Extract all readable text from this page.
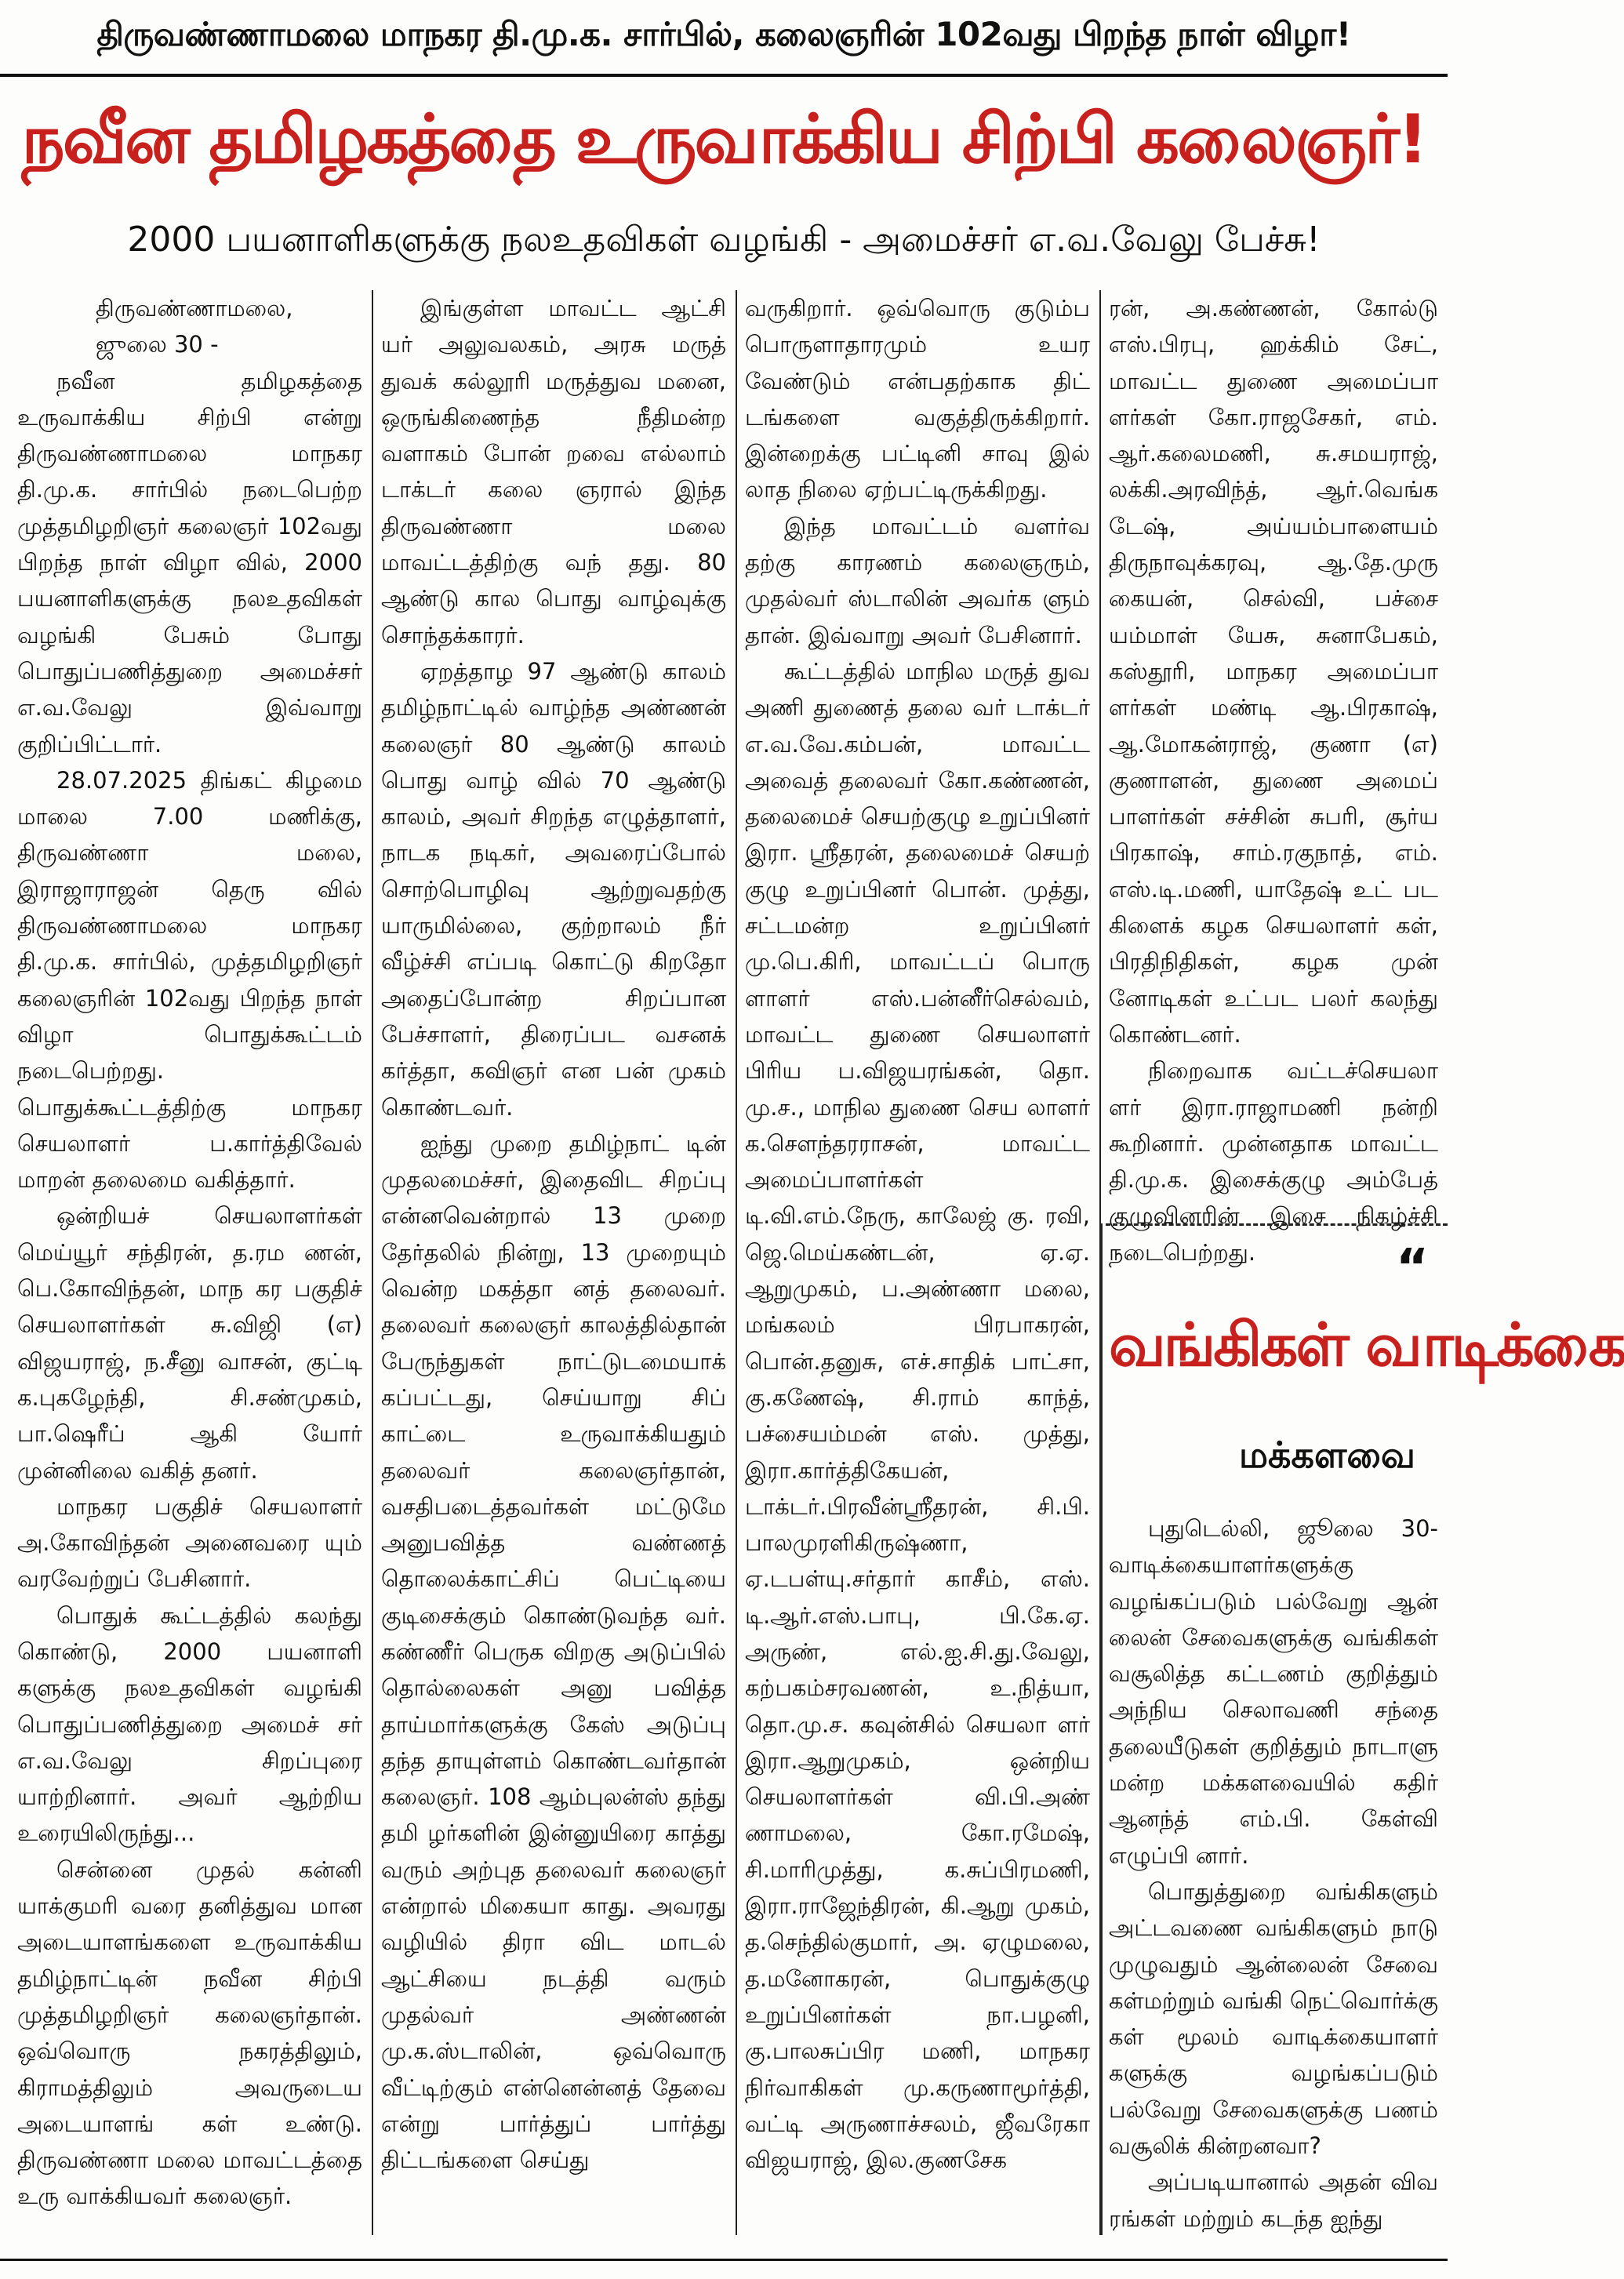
திருவண்ணாமலை மாநகர தி.மு.க. சார்பில், கலைஞரின் 102வது பிறந்த நாள் விழா!
நவீன தமிழகத்தை உருவாக்கிய சிற்பி கலைஞர்!
2000 பயனாளிகளுக்கு நலஉதவிகள் வழங்கி - அமைச்சர் எ.வ.வேலு பேச்சு!

திருவண்ணாமலை, ஜுலை 30 -

நவீன தமிழகத்தை உருவாக்கிய சிற்பி என்று திருவண்ணாமலை மாநகர தி.மு.க. சார்பில் நடைபெற்ற முத்தமிழறிஞர் கலைஞர் 102வது பிறந்த நாள் விழா வில், 2000 பயனாளிகளுக்கு நலஉதவிகள் வழங்கி பேசும் போது பொதுப்பணித்துறை அமைச்சர் எ.வ.வேலு இவ்வாறு குறிப்பிட்டார்.

28.07.2025 திங்கட் கிழமை மாலை 7.00 மணிக்கு, திருவண்ணா மலை, இராஜாராஜன் தெரு வில் திருவண்ணாமலை மாநகர தி.மு.க. சார்பில், முத்தமிழறிஞர் கலைஞரின் 102வது பிறந்த நாள் விழா பொதுக்கூட்டம் நடைபெற்றது. பொதுக்கூட்டத்திற்கு மாநகர செயலாளர் ப.கார்த்திவேல் மாறன் தலைமை வகித்தார்.

ஒன்றியச் செயலாளர்கள் மெய்யூர் சந்திரன், த.ரம ணன், பெ.கோவிந்தன், மாந கர பகுதிச் செயலாளர்கள் சு.விஜி (எ) விஜயராஜ், ந.சீனு வாசன், குட்டி க.புகழேந்தி, சி.சண்முகம், பா.ஷெரீப் ஆகி யோர் முன்னிலை வகித் தனர்.

மாநகர பகுதிச் செயலாளர் அ.கோவிந்தன் அனைவரை யும் வரவேற்றுப் பேசினார்.

பொதுக் கூட்டத்தில் கலந்து கொண்டு, 2000 பயனாளி களுக்கு நலஉதவிகள் வழங்கி பொதுப்பணித்துறை அமைச் சர் எ.வ.வேலு சிறப்புரை யாற்றினார். அவர் ஆற்றிய உரையிலிருந்து...

சென்னை முதல் கன்னி யாக்குமரி வரை தனித்துவ மான அடையாளங்களை உருவாக்கிய தமிழ்நாட்டின் நவீன சிற்பி முத்தமிழறிஞர் கலைஞர்தான். ஒவ்வொரு நகரத்திலும், கிராமத்திலும் அவருடைய அடையாளங் கள் உண்டு. திருவண்ணா மலை மாவட்டத்தை உரு வாக்கியவர் கலைஞர்.

இங்குள்ள மாவட்ட ஆட்சி யர் அலுவலகம், அரசு மருத் துவக் கல்லூரி மருத்துவ மனை, ஒருங்கிணைந்த நீதிமன்ற வளாகம் போன் றவை எல்லாம் டாக்டர் கலை ஞரால் இந்த திருவண்ணா மலை மாவட்டத்திற்கு வந் தது. 80 ஆண்டு கால பொது வாழ்வுக்கு சொந்தக்காரர்.

ஏறத்தாழ 97 ஆண்டு காலம் தமிழ்நாட்டில் வாழ்ந்த அண்ணன் கலைஞர் 80 ஆண்டு காலம் பொது வாழ் வில் 70 ஆண்டு காலம், அவர் சிறந்த எழுத்தாளர், நாடக நடிகர், அவரைப்போல் சொற்பொழிவு ஆற்றுவதற்கு யாருமில்லை, குற்றாலம் நீர் வீழ்ச்சி எப்படி கொட்டு கிறதோ அதைப்போன்ற சிறப்பான பேச்சாளர், திரைப்பட வசனக் கர்த்தா, கவிஞர் என பன் முகம் கொண்டவர்.

ஐந்து முறை தமிழ்நாட் டின் முதலமைச்சர், இதைவிட சிறப்பு என்னவென்றால் 13 முறை தேர்தலில் நின்று, 13 முறையும் வென்ற மகத்தா னத் தலைவர். தலைவர் கலைஞர் காலத்தில்தான் பேருந்துகள் நாட்டுடமையாக் கப்பட்டது, செய்யாறு சிப் காட்டை உருவாக்கியதும் தலைவர் கலைஞர்தான், வசதிபடைத்தவர்கள் மட்டுமே அனுபவித்த வண்ணத் தொலைக்காட்சிப் பெட்டியை குடிசைக்கும் கொண்டுவந்த வர். கண்ணீர் பெருக விறகு அடுப்பில் தொல்லைகள் அனு பவித்த தாய்மார்களுக்கு கேஸ் அடுப்பு தந்த தாயுள்ளம் கொண்டவர்தான் கலைஞர். 108 ஆம்புலன்ஸ் தந்து தமி ழர்களின் இன்னுயிரை காத்து வரும் அற்புத தலைவர் கலைஞர் என்றால் மிகையா காது. அவரது வழியில் திரா விட மாடல் ஆட்சியை நடத்தி வரும் முதல்வர் அண்ணன் மு.க.ஸ்டாலின், ஒவ்வொரு வீட்டிற்கும் என்னென்னத் தேவை என்று பார்த்துப் பார்த்து திட்டங்களை செய்து

வருகிறார். ஒவ்வொரு குடும்ப பொருளாதாரமும் உயர வேண்டும் என்பதற்காக திட் டங்களை வகுத்திருக்கிறார். இன்றைக்கு பட்டினி சாவு இல் லாத நிலை ஏற்பட்டிருக்கிறது.

இந்த மாவட்டம் வளர்வ தற்கு காரணம் கலைஞரும், முதல்வர் ஸ்டாலின் அவர்க ளும் தான். இவ்வாறு அவர் பேசினார்.

கூட்டத்தில் மாநில மருத் துவ அணி துணைத் தலை வர் டாக்டர் எ.வ.வே.கம்பன், மாவட்ட அவைத் தலைவர் கோ.கண்ணன், தலைமைச் செயற்குழு உறுப்பினர் இரா. ஸ்ரீதரன், தலைமைச் செயற் குழு உறுப்பினர் பொன். முத்து, சட்டமன்ற உறுப்பினர் மு.பெ.கிரி, மாவட்டப் பொரு ளாளர் எஸ்.பன்னீர்செல்வம், மாவட்ட துணை செயலாளர் பிரிய ப.விஜயரங்கன், தொ. மு.ச., மாநில துணை செய லாளர் க.சௌந்தரராசன், மாவட்ட அமைப்பாளர்கள் டி.வி.எம்.நேரு, காலேஜ் கு. ரவி, ஜெ.மெய்கண்டன், ஏ.ஏ. ஆறுமுகம், ப.அண்ணா மலை, மங்கலம் பிரபாகரன், பொன்.தனுசு, எச்.சாதிக் பாட்சா, கு.கணேஷ், சி.ராம் காந்த், பச்சையம்மன் எஸ். முத்து, இரா.கார்த்திகேயன், டாக்டர்.பிரவீன்ஸ்ரீதரன், சி.பி. பாலமுரளிகிருஷ்ணா, ஏ.டபள்யு.சர்தார் காசீம், எஸ். டி.ஆர்.எஸ்.பாபு, பி.கே.ஏ. அருண், எல்.ஐ.சி.து.வேலு, கற்பகம்சரவணன், உ.நித்யா, தொ.மு.ச. கவுன்சில் செயலா ளர் இரா.ஆறுமுகம், ஒன்றிய செயலாளர்கள் வி.பி.அண் ணாமலை, கோ.ரமேஷ், சி.மாரிமுத்து, க.சுப்பிரமணி, இரா.ராஜேந்திரன், கி.ஆறு முகம், த.செந்தில்குமார், அ. ஏழுமலை, த.மனோகரன், பொதுக்குழு உறுப்பினர்கள் நா.பழனி, கு.பாலசுப்பிர மணி, மாநகர நிர்வாகிகள் மு.கருணாமூர்த்தி, வட்டி அருணாச்சலம், ஜீவரேகா விஜயராஜ், இல.குணசேக

ரன், அ.கண்ணன், கோல்டு எஸ்.பிரபு, ஹக்கிம் சேட், மாவட்ட துணை அமைப்பா ளர்கள் கோ.ராஜசேகர், எம். ஆர்.கலைமணி, சு.சமயராஜ், லக்கி.அரவிந்த், ஆர்.வெங்க டேஷ், அய்யம்பாளையம் திருநாவுக்கரவு, ஆ.தே.முரு கையன், செல்வி, பச்சை யம்மாள் யேசு, சுனாபேகம், கஸ்தூரி, மாநகர அமைப்பா ளர்கள் மண்டி ஆ.பிரகாஷ், ஆ.மோகன்ராஜ், குணா (எ) குணாளன், துணை அமைப் பாளர்கள் சச்சின் சுபரி, சூர்ய பிரகாஷ், சாம்.ரகுநாத், எம். எஸ்.டி.மணி, யாதேஷ் உட் பட கிளைக் கழக செயலாளர் கள், பிரதிநிதிகள், கழக முன் னோடிகள் உட்பட பலர் கலந்து கொண்டனர்.

நிறைவாக வட்டச்செயலா ளர் இரா.ராஜாமணி நன்றி கூறினார். முன்னதாக மாவட்ட தி.மு.க. இசைக்குழு அம்பேத் குழுவினரின் இசை நிகழ்ச்சி நடைபெற்றது.	“
வங்கிகள் வாடிக்கை
மக்களவை

புதுடெல்லி, ஜூலை 30- வாடிக்கையாளர்களுக்கு வழங்கப்படும் பல்வேறு ஆன் லைன் சேவைகளுக்கு வங்கிகள் வசூலித்த கட்டணம் குறித்தும் அந்நிய செலாவணி சந்தை தலையீடுகள் குறித்தும் நாடாளு மன்ற மக்களவையில் கதிர் ஆனந்த் எம்.பி. கேள்வி எழுப்பி னார்.

பொதுத்துறை வங்கிகளும் அட்டவணை வங்கிகளும் நாடு முழுவதும் ஆன்லைன் சேவை கள்மற்றும் வங்கி நெட்வொர்க்கு கள் மூலம் வாடிக்கையாளர் களுக்கு வழங்கப்படும் பல்வேறு சேவைகளுக்கு பணம் வசூலிக் கின்றனவா?

அப்படியானால் அதன் விவ ரங்கள் மற்றும் கடந்த ஐந்து
